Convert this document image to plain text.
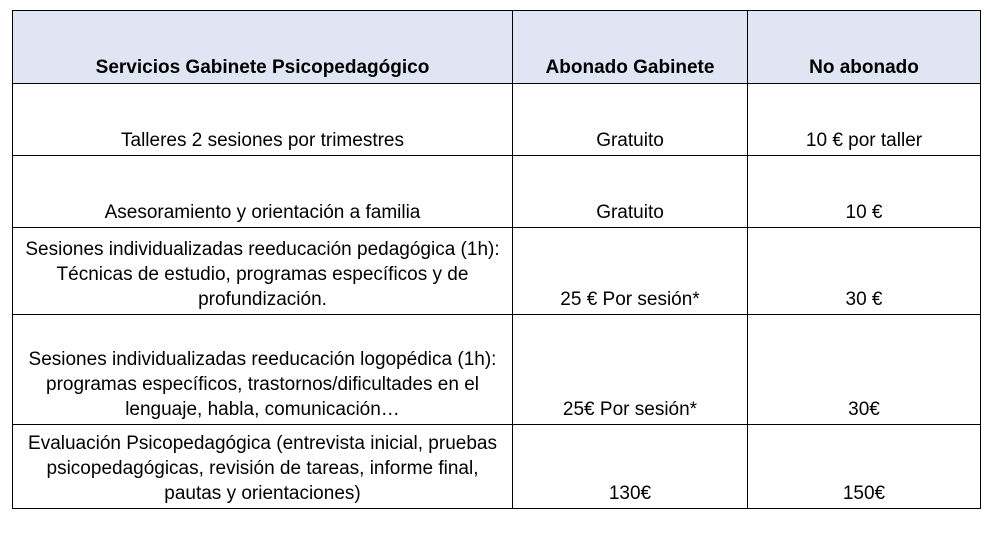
Servicios Gabinete Psicopedagógico	Abonado Gabinete	No abonado
Talleres 2 sesiones por trimestres	Gratuito	10 € por taller
Asesoramiento y orientación a familia	Gratuito	10 €
Sesiones individualizadas reeducación pedagógica (1h): Técnicas de estudio, programas específicos y de profundización.	25 € Por sesión*	30 €
Sesiones individualizadas reeducación logopédica (1h): programas específicos, trastornos/dificultades en el lenguaje, habla, comunicación…	25€ Por sesión*	30€
Evaluación Psicopedagógica (entrevista inicial, pruebas psicopedagógicas, revisión de tareas, informe final, pautas y orientaciones)	130€	150€
